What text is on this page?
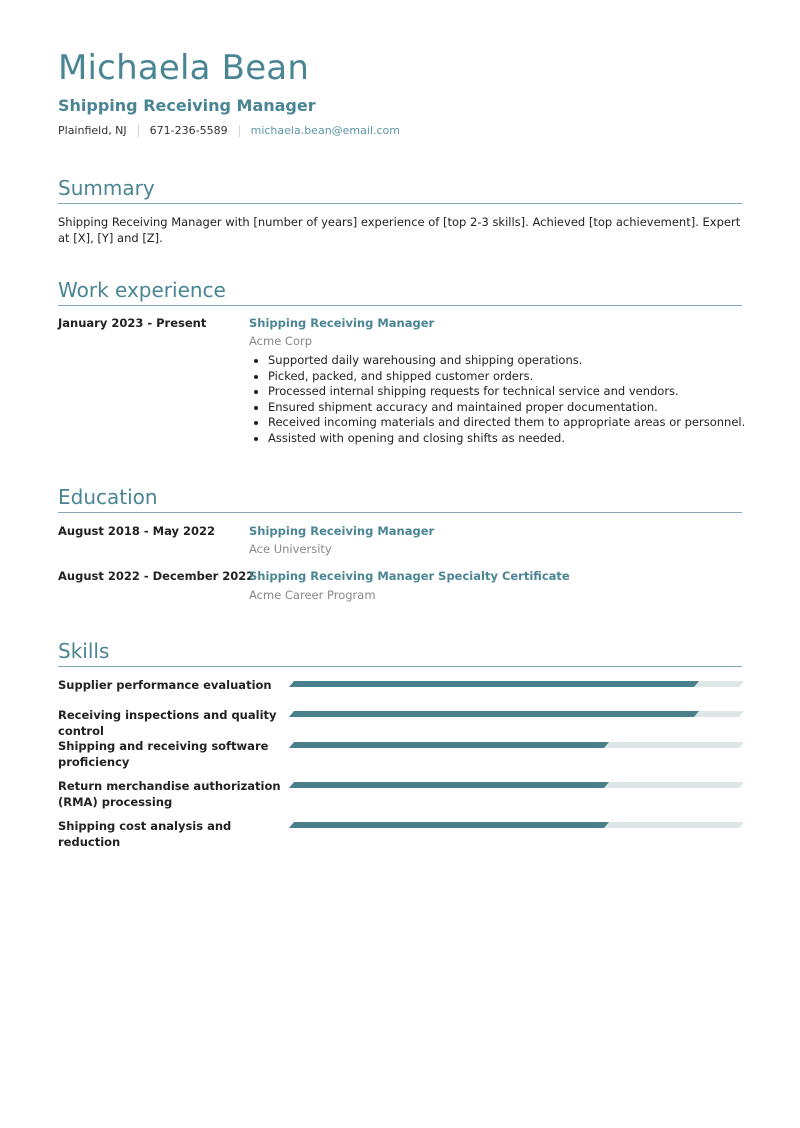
Michaela Bean
Shipping Receiving Manager
Plainfield, NJ 671-236-5589 michaela.bean@email.com
Summary
Shipping Receiving Manager with [number of years] experience of [top 2-3 skills]. Achieved [top achievement]. Expert at [X], [Y] and [Z].
Work experience
January 2023 - Present	Shipping Receiving Manager
Acme Corp
• Supported daily warehousing and shipping operations.
• Picked, packed, and shipped customer orders.
• Processed internal shipping requests for technical service and vendors.
• Ensured shipment accuracy and maintained proper documentation.
• Received incoming materials and directed them to appropriate areas or personnel.
• Assisted with opening and closing shifts as needed.
Education
August 2018 - May 2022	Shipping Receiving Manager
Ace University
August 2022 - December 2022
Shipping Receiving Manager Specialty Certificate
Acme Career Program
Skills
Supplier performance evaluation
Receiving inspections and quality control
Shipping and receiving software proficiency
Return merchandise authorization (RMA) processing
Shipping cost analysis and reduction
